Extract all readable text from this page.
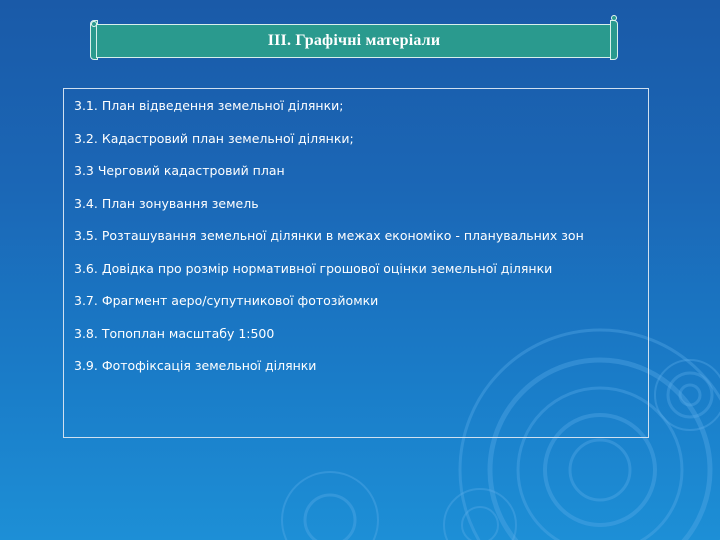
III. Графічні матеріали
3.1. План відведення земельної ділянки;
3.2. Кадастровий план земельної ділянки;
3.3 Черговий кадастровий план
3.4. План зонування земель
3.5. Розташування земельної ділянки в межах економіко - планувальних зон
3.6. Довідка про розмір нормативної грошової оцінки земельної ділянки
3.7. Фрагмент аеро/супутникової фотозйомки
3.8. Топоплан масштабу 1:500
3.9. Фотофіксація земельної ділянки
